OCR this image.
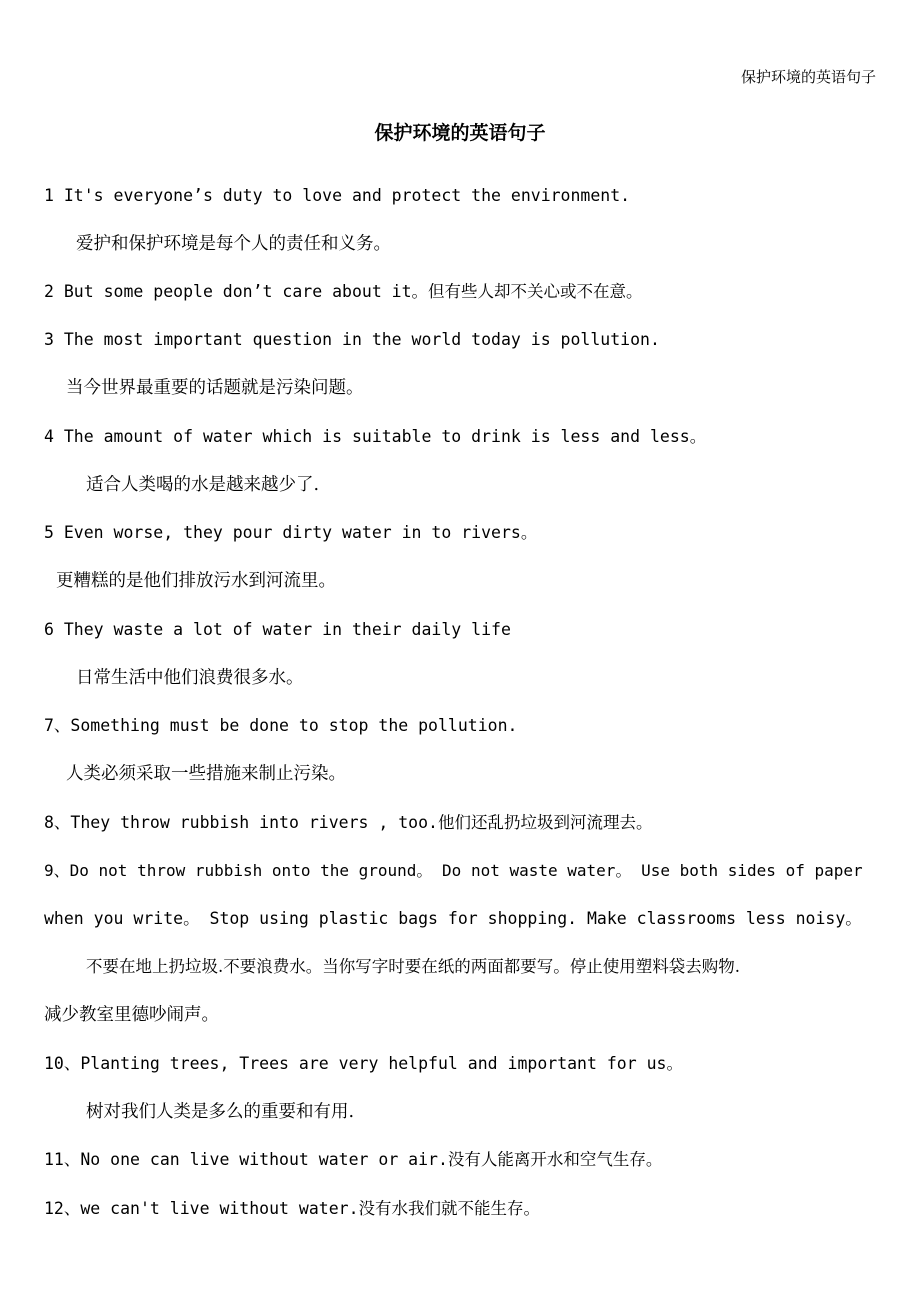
保护环境的英语句子
保护环境的英语句子
1 It's everyone’s duty to love and protect the environment.
爱护和保护环境是每个人的责任和义务。
2 But some people don’t care about it。但有些人却不关心或不在意。
3 The most important question in the world today is pollution.
当今世界最重要的话题就是污染问题。
4 The amount of water which is suitable to drink is less and less。
适合人类喝的水是越来越少了.
5 Even worse, they pour dirty water in to rivers。
更糟糕的是他们排放污水到河流里。
6 They waste a lot of water in their daily life
日常生活中他们浪费很多水。
7、Something must be done to stop the pollution.
人类必须采取一些措施来制止污染。
8、They throw rubbish into rivers , too.他们还乱扔垃圾到河流理去。
9、Do not throw rubbish onto the ground。 Do not waste water。 Use both sides of paper
when you write。 Stop using plastic bags for shopping. Make classrooms less noisy。
不要在地上扔垃圾.不要浪费水。当你写字时要在纸的两面都要写。停止使用塑料袋去购物.
减少教室里德吵闹声。
10、Planting trees, Trees are very helpful and important for us。
树对我们人类是多么的重要和有用.
11、No one can live without water or air.没有人能离开水和空气生存。
12、we can't live without water.没有水我们就不能生存。
